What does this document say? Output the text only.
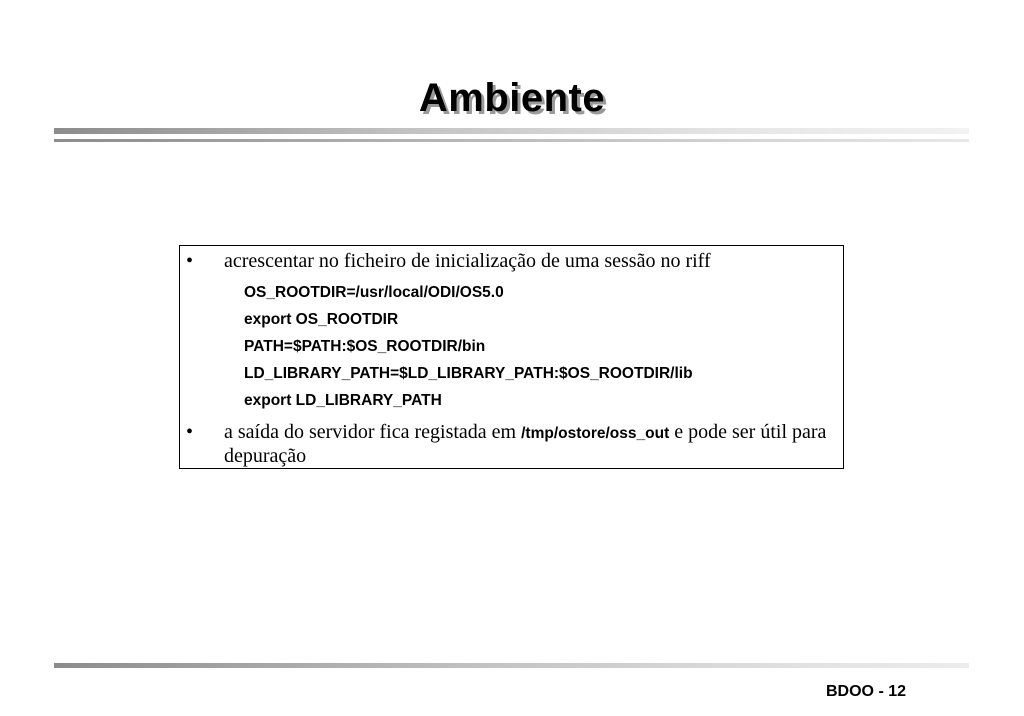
Ambiente
•	acrescentar no ficheiro de inicialização de uma sessão no riff
OS_ROOTDIR=/usr/local/ODI/OS5.0
export OS_ROOTDIR
PATH=$PATH:$OS_ROOTDIR/bin
LD_LIBRARY_PATH=$LD_LIBRARY_PATH:$OS_ROOTDIR/lib
export LD_LIBRARY_PATH
•	a saída do servidor fica registada em /tmp/ostore/oss_out e pode ser útil para depuração
BDOO - 12
